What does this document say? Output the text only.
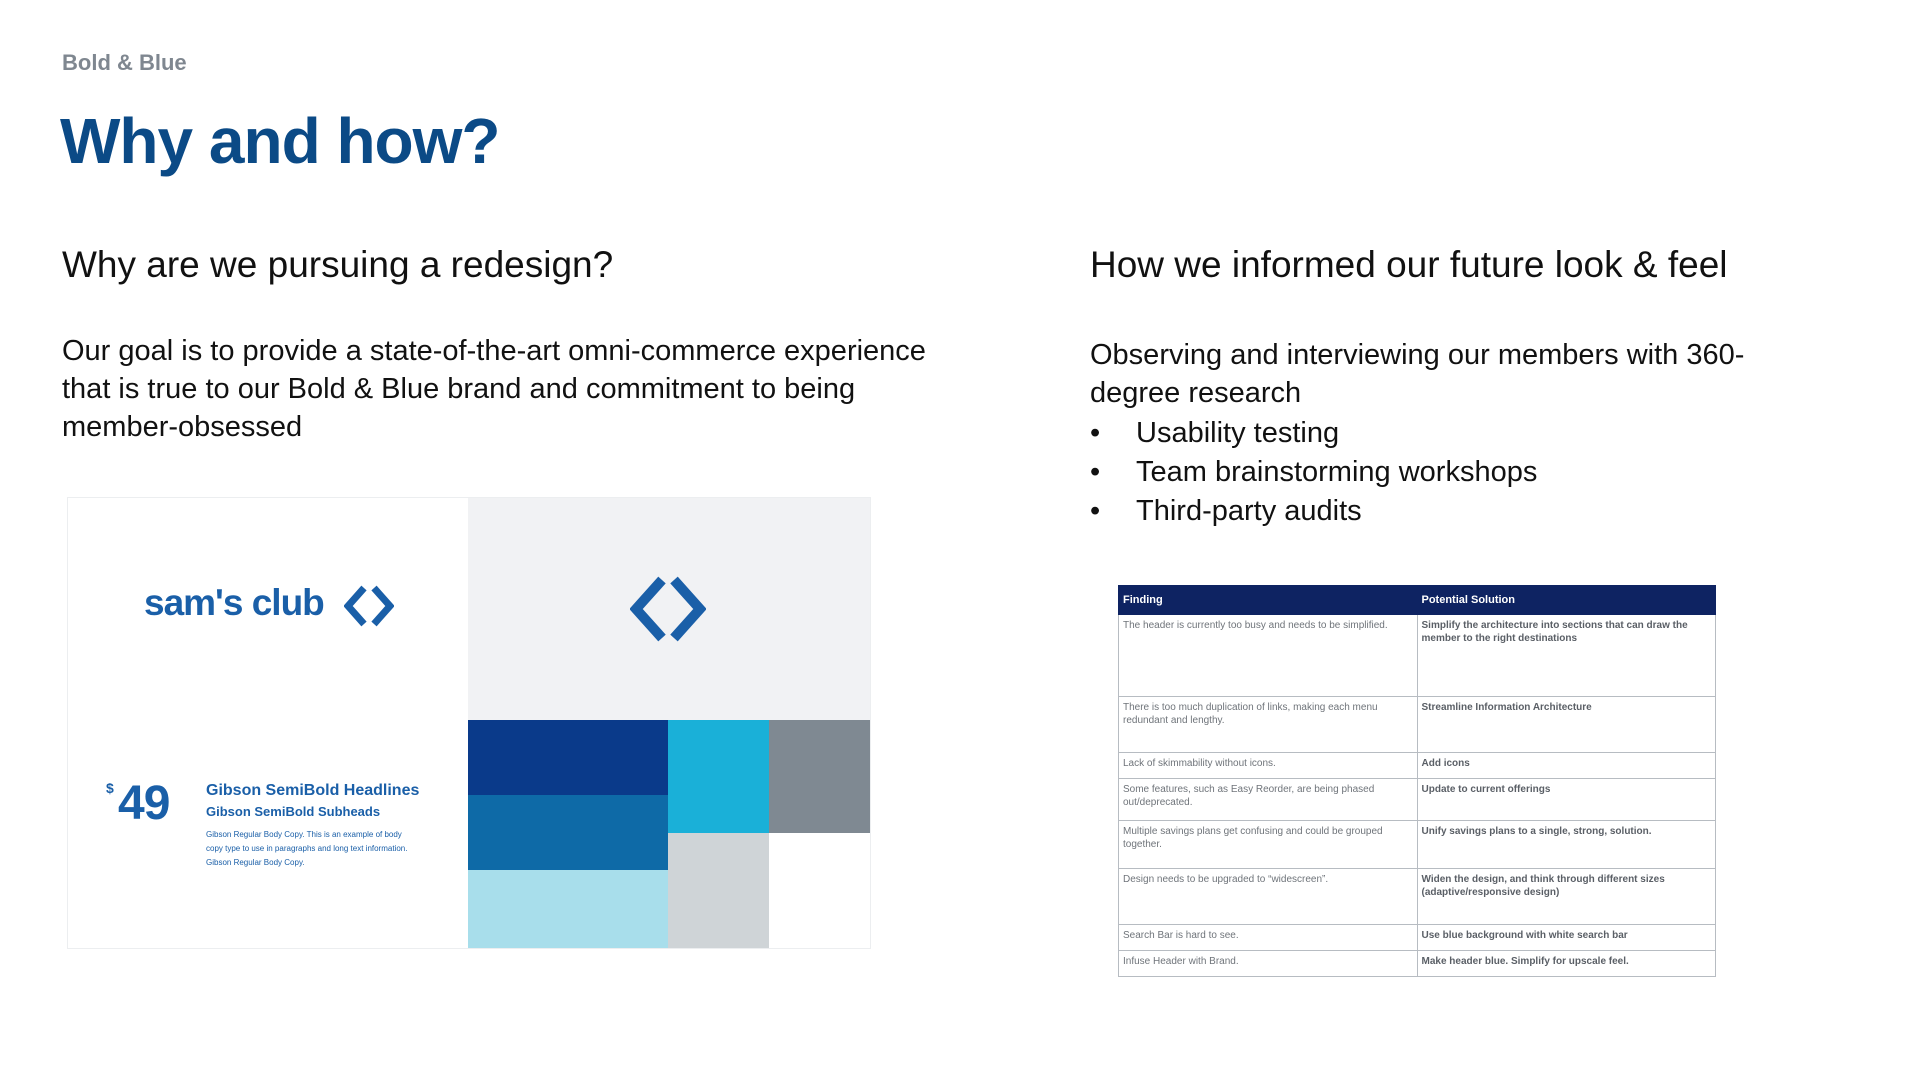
Bold & Blue
Why and how?
Why are we pursuing a redesign?
Our goal is to provide a state-of-the-art omni-commerce experience that is true to our Bold & Blue brand and commitment to being member-obsessed
How we informed our future look & feel
Observing and interviewing our members with 360-degree research
• Usability testing
• Team brainstorming workshops
• Third-party audits
sam's club
$ 49 Gibson SemiBold Headlines
Gibson SemiBold Subheads
Gibson Regular Body Copy. This is an example of body copy type to use in paragraphs and long text information. Gibson Regular Body Copy.
Finding	Potential Solution
The header is currently too busy and needs to be simplified.	Simplify the architecture into sections that can draw the member to the right destinations
There is too much duplication of links, making each menu redundant and lengthy.	Streamline Information Architecture
Lack of skimmability without icons.	Add icons
Some features, such as Easy Reorder, are being phased out/deprecated.	Update to current offerings
Multiple savings plans get confusing and could be grouped together.	Unify savings plans to a single, strong, solution.
Design needs to be upgraded to “widescreen”.	Widen the design, and think through different sizes (adaptive/responsive design)
Search Bar is hard to see.	Use blue background with white search bar
Infuse Header with Brand.	Make header blue. Simplify for upscale feel.
